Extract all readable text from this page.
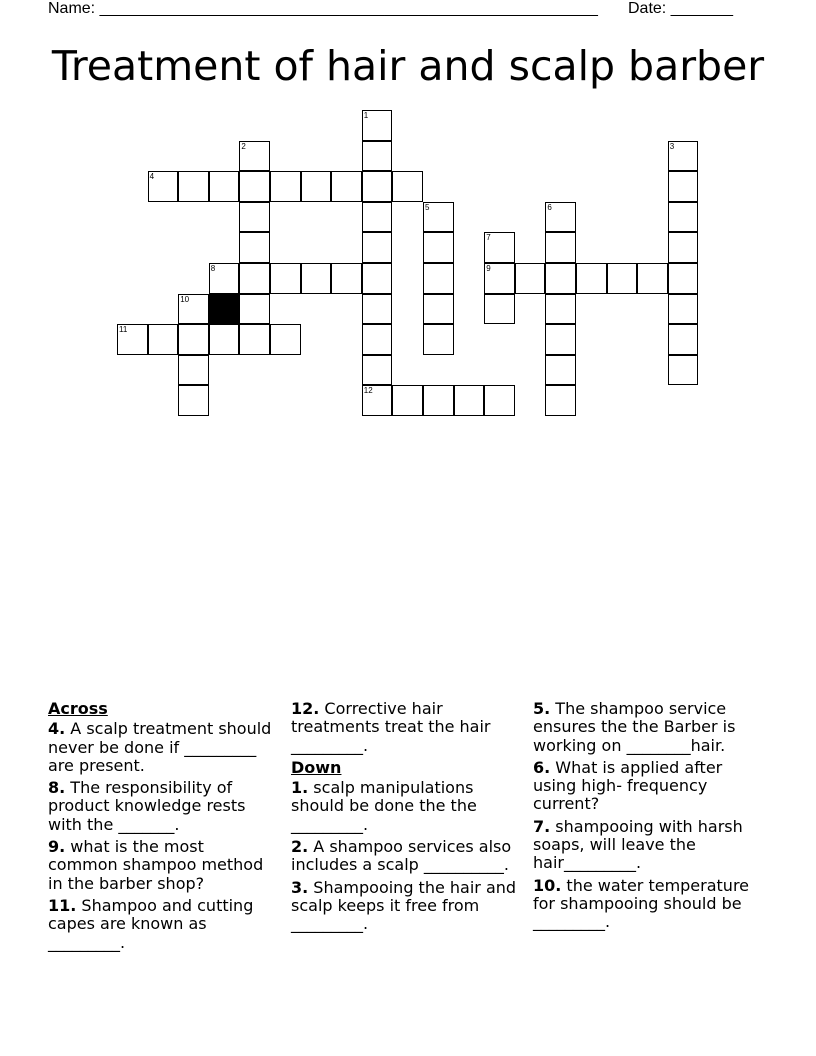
Name: ________________________________________________________ Date: _______
Treatment of hair and scalp barber
1
2	3
4
5	6
7
8	9
10
11
12
Across
4. A scalp treatment should never be done if _________ are present.
8. The responsibility of product knowledge rests with the _______.
9. what is the most common shampoo method in the barber shop?
11. Shampoo and cutting capes are known as _________.
12. Corrective hair treatments treat the hair _________.
Down
1. scalp manipulations should be done the the _________.
2. A shampoo services also includes a scalp __________.
3. Shampooing the hair and scalp keeps it free from _________.
5. The shampoo service ensures the the Barber is working on ________hair.
6. What is applied after using high- frequency current?
7. shampooing with harsh soaps, will leave the hair_________.
10. the water temperature for shampooing should be _________.
